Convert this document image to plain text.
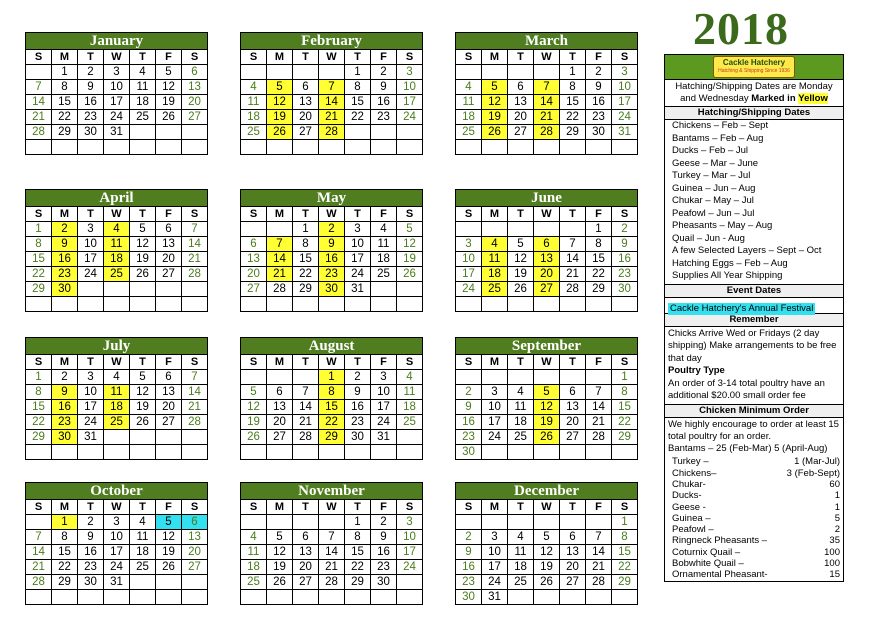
2018
January
S	M	T	W	T	F	S
	1	2	3	4	5	6
7	8	9	10	11	12	13
14	15	16	17	18	19	20
21	22	23	24	25	26	27
28	29	30	31			

February
S	M	T	W	T	F	S
				1	2	3
4	5	6	7	8	9	10
11	12	13	14	15	16	17
18	19	20	21	22	23	24
25	26	27	28			

March
S	M	T	W	T	F	S
				1	2	3
4	5	6	7	8	9	10
11	12	13	14	15	16	17
18	19	20	21	22	23	24
25	26	27	28	29	30	31

April
S	M	T	W	T	F	S
1	2	3	4	5	6	7
8	9	10	11	12	13	14
15	16	17	18	19	20	21
22	23	24	25	26	27	28
29	30					

May
S	M	T	W	T	F	S
		1	2	3	4	5
6	7	8	9	10	11	12
13	14	15	16	17	18	19
20	21	22	23	24	25	26
27	28	29	30	31		

June
S	M	T	W	T	F	S
					1	2
3	4	5	6	7	8	9
10	11	12	13	14	15	16
17	18	19	20	21	22	23
24	25	26	27	28	29	30

July
S	M	T	W	T	F	S
1	2	3	4	5	6	7
8	9	10	11	12	13	14
15	16	17	18	19	20	21
22	23	24	25	26	27	28
29	30	31				

August
S	M	T	W	T	F	S
			1	2	3	4
5	6	7	8	9	10	11
12	13	14	15	16	17	18
19	20	21	22	23	24	25
26	27	28	29	30	31	

September
S	M	T	W	T	F	S
						1
2	3	4	5	6	7	8
9	10	11	12	13	14	15
16	17	18	19	20	21	22
23	24	25	26	27	28	29
30						
October
S	M	T	W	T	F	S
	1	2	3	4	5	6
7	8	9	10	11	12	13
14	15	16	17	18	19	20
21	22	23	24	25	26	27
28	29	30	31			

November
S	M	T	W	T	F	S
				1	2	3
4	5	6	7	8	9	10
11	12	13	14	15	16	17
18	19	20	21	22	23	24
25	26	27	28	29	30	

December
S	M	T	W	T	F	S
						1
2	3	4	5	6	7	8
9	10	11	12	13	14	15
16	17	18	19	20	21	22
23	24	25	26	27	28	29
30	31					
Cackle Hatchery
Hatching & Shipping Since 1936
Hatching/Shipping Dates are Monday and Wednesday Marked in Yellow
Hatching/Shipping Dates
Chickens – Feb – Sept
Bantams – Feb – Aug
Ducks – Feb – Jul
Geese – Mar – June
Turkey – Mar – Jul
Guinea – Jun – Aug
Chukar – May – Jul
Peafowl – Jun – Jul
Pheasants – May – Aug
Quail – Jun - Aug
A few Selected Layers – Sept – Oct
Hatching Eggs – Feb – Aug
Supplies All Year Shipping
Event Dates
Cackle Hatchery's Annual Festival
Remember
Chicks Arrive Wed or Fridays (2 day shipping) Make arrangements to be free that day
Poultry Type
An order of 3-14 total poultry have an additional $20.00 small order fee
Chicken Minimum Order
We highly encourage to order at least 15 total poultry for an order.
Bantams – 25 (Feb-Mar) 5 (April-Aug)
Turkey –	1 (Mar-Jul)
Chickens–	3 (Feb-Sept)
Chukar-	60
Ducks-	1
Geese -	1
Guinea –	5
Peafowl –	2
Ringneck Pheasants –	35
Coturnix Quail –	100
Bobwhite Quail –	100
Ornamental Pheasant-	15
